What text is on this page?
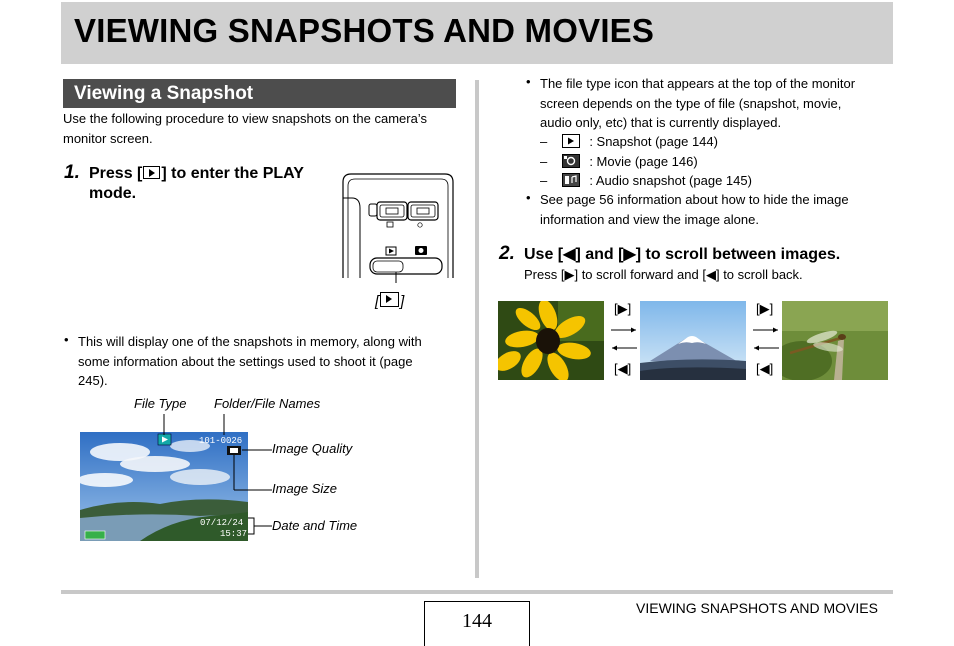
VIEWING SNAPSHOTS AND MOVIES
Viewing a Snapshot
Use the following procedure to view snapshots on the camera’s monitor screen.
1. Press [ ] to enter the PLAY
mode.
[ ]
• This will display one of the snapshots in memory, along with
some information about the settings used to shoot it (page
245).
File Type Folder/File Names
Image Quality
Image Size
Date and Time
101-0026
07/12/24
15:37
• The file type icon that appears at the top of the monitor
screen depends on the type of file (snapshot, movie,
audio only, etc) that is currently displayed.
–	: Snapshot (page 144)
–	: Movie (page 146)
–	: Audio snapshot (page 145)
• See page 56 information about how to hide the image
information and view the image alone.
2. Use [◀] and [▶] to scroll between images.
Press [▶] to scroll forward and [◀] to scroll back.
[▶]
[◀]
[▶]
[◀]
144
VIEWING SNAPSHOTS AND MOVIES
